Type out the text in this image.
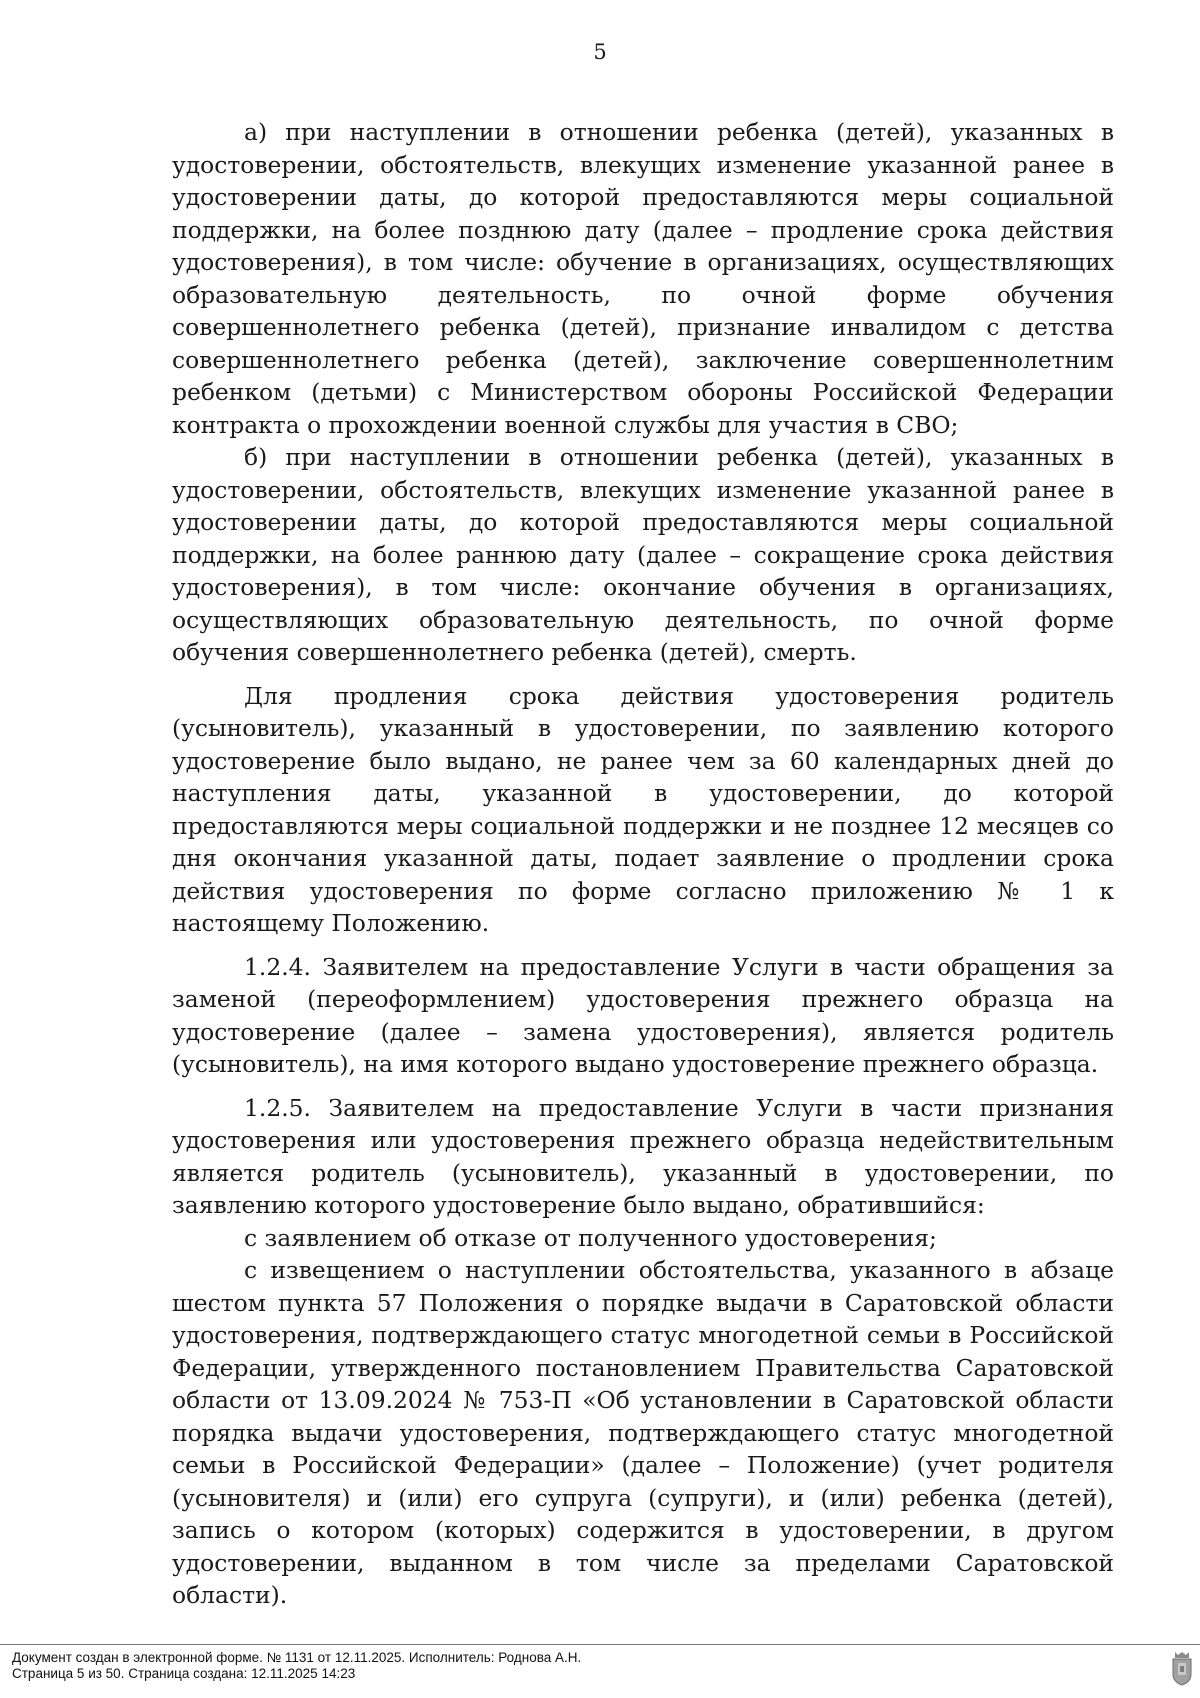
5

а) при наступлении в отношении ребенка (детей), указанных в удостоверении, обстоятельств, влекущих изменение указанной ранее в удостоверении даты, до которой предоставляются меры социальной поддержки, на более позднюю дату (далее – продление срока действия удостоверения), в том числе: обучение в организациях, осуществляющих образовательную деятельность, по очной форме обучения совершеннолетнего ребенка (детей), признание инвалидом с детства совершеннолетнего ребенка (детей), заключение совершеннолетним ребенком (детьми) с Министерством обороны Российской Федерации контракта о прохождении военной службы для участия в СВО;

б) при наступлении в отношении ребенка (детей), указанных в удостоверении, обстоятельств, влекущих изменение указанной ранее в удостоверении даты, до которой предоставляются меры социальной поддержки, на более раннюю дату (далее – сокращение срока действия удостоверения), в том числе: окончание обучения в организациях, осуществляющих образовательную деятельность, по очной форме обучения совершеннолетнего ребенка (детей), смерть.

Для продления срока действия удостоверения родитель (усыновитель), указанный в удостоверении, по заявлению которого удостоверение было выдано, не ранее чем за 60 календарных дней до наступления даты, указанной в удостоверении, до которой предоставляются меры социальной поддержки и не позднее 12 месяцев со дня окончания указанной даты, подает заявление о продлении срока действия удостоверения по форме согласно приложению № 1 к настоящему Положению.

1.2.4. Заявителем на предоставление Услуги в части обращения за заменой (переоформлением) удостоверения прежнего образца на удостоверение (далее – замена удостоверения), является родитель (усыновитель), на имя которого выдано удостоверение прежнего образца.

1.2.5. Заявителем на предоставление Услуги в части признания удостоверения или удостоверения прежнего образца недействительным является родитель (усыновитель), указанный в удостоверении, по заявлению которого удостоверение было выдано, обратившийся:

с заявлением об отказе от полученного удостоверения;

с извещением о наступлении обстоятельства, указанного в абзаце шестом пункта 57 Положения о порядке выдачи в Саратовской области удостоверения, подтверждающего статус многодетной семьи в Российской Федерации, утвержденного постановлением Правительства Саратовской области от 13.09.2024 № 753-П «Об установлении в Саратовской области порядка выдачи удостоверения, подтверждающего статус многодетной семьи в Российской Федерации» (далее – Положение) (учет родителя (усыновителя) и (или) его супруга (супруги), и (или) ребенка (детей), запись о котором (которых) содержится в удостоверении, в другом удостоверении, выданном в том числе за пределами Саратовской области).

Документ создан в электронной форме. № 1131 от 12.11.2025. Исполнитель: Роднова А.Н.
Страница 5 из 50. Страница создана: 12.11.2025 14:23
